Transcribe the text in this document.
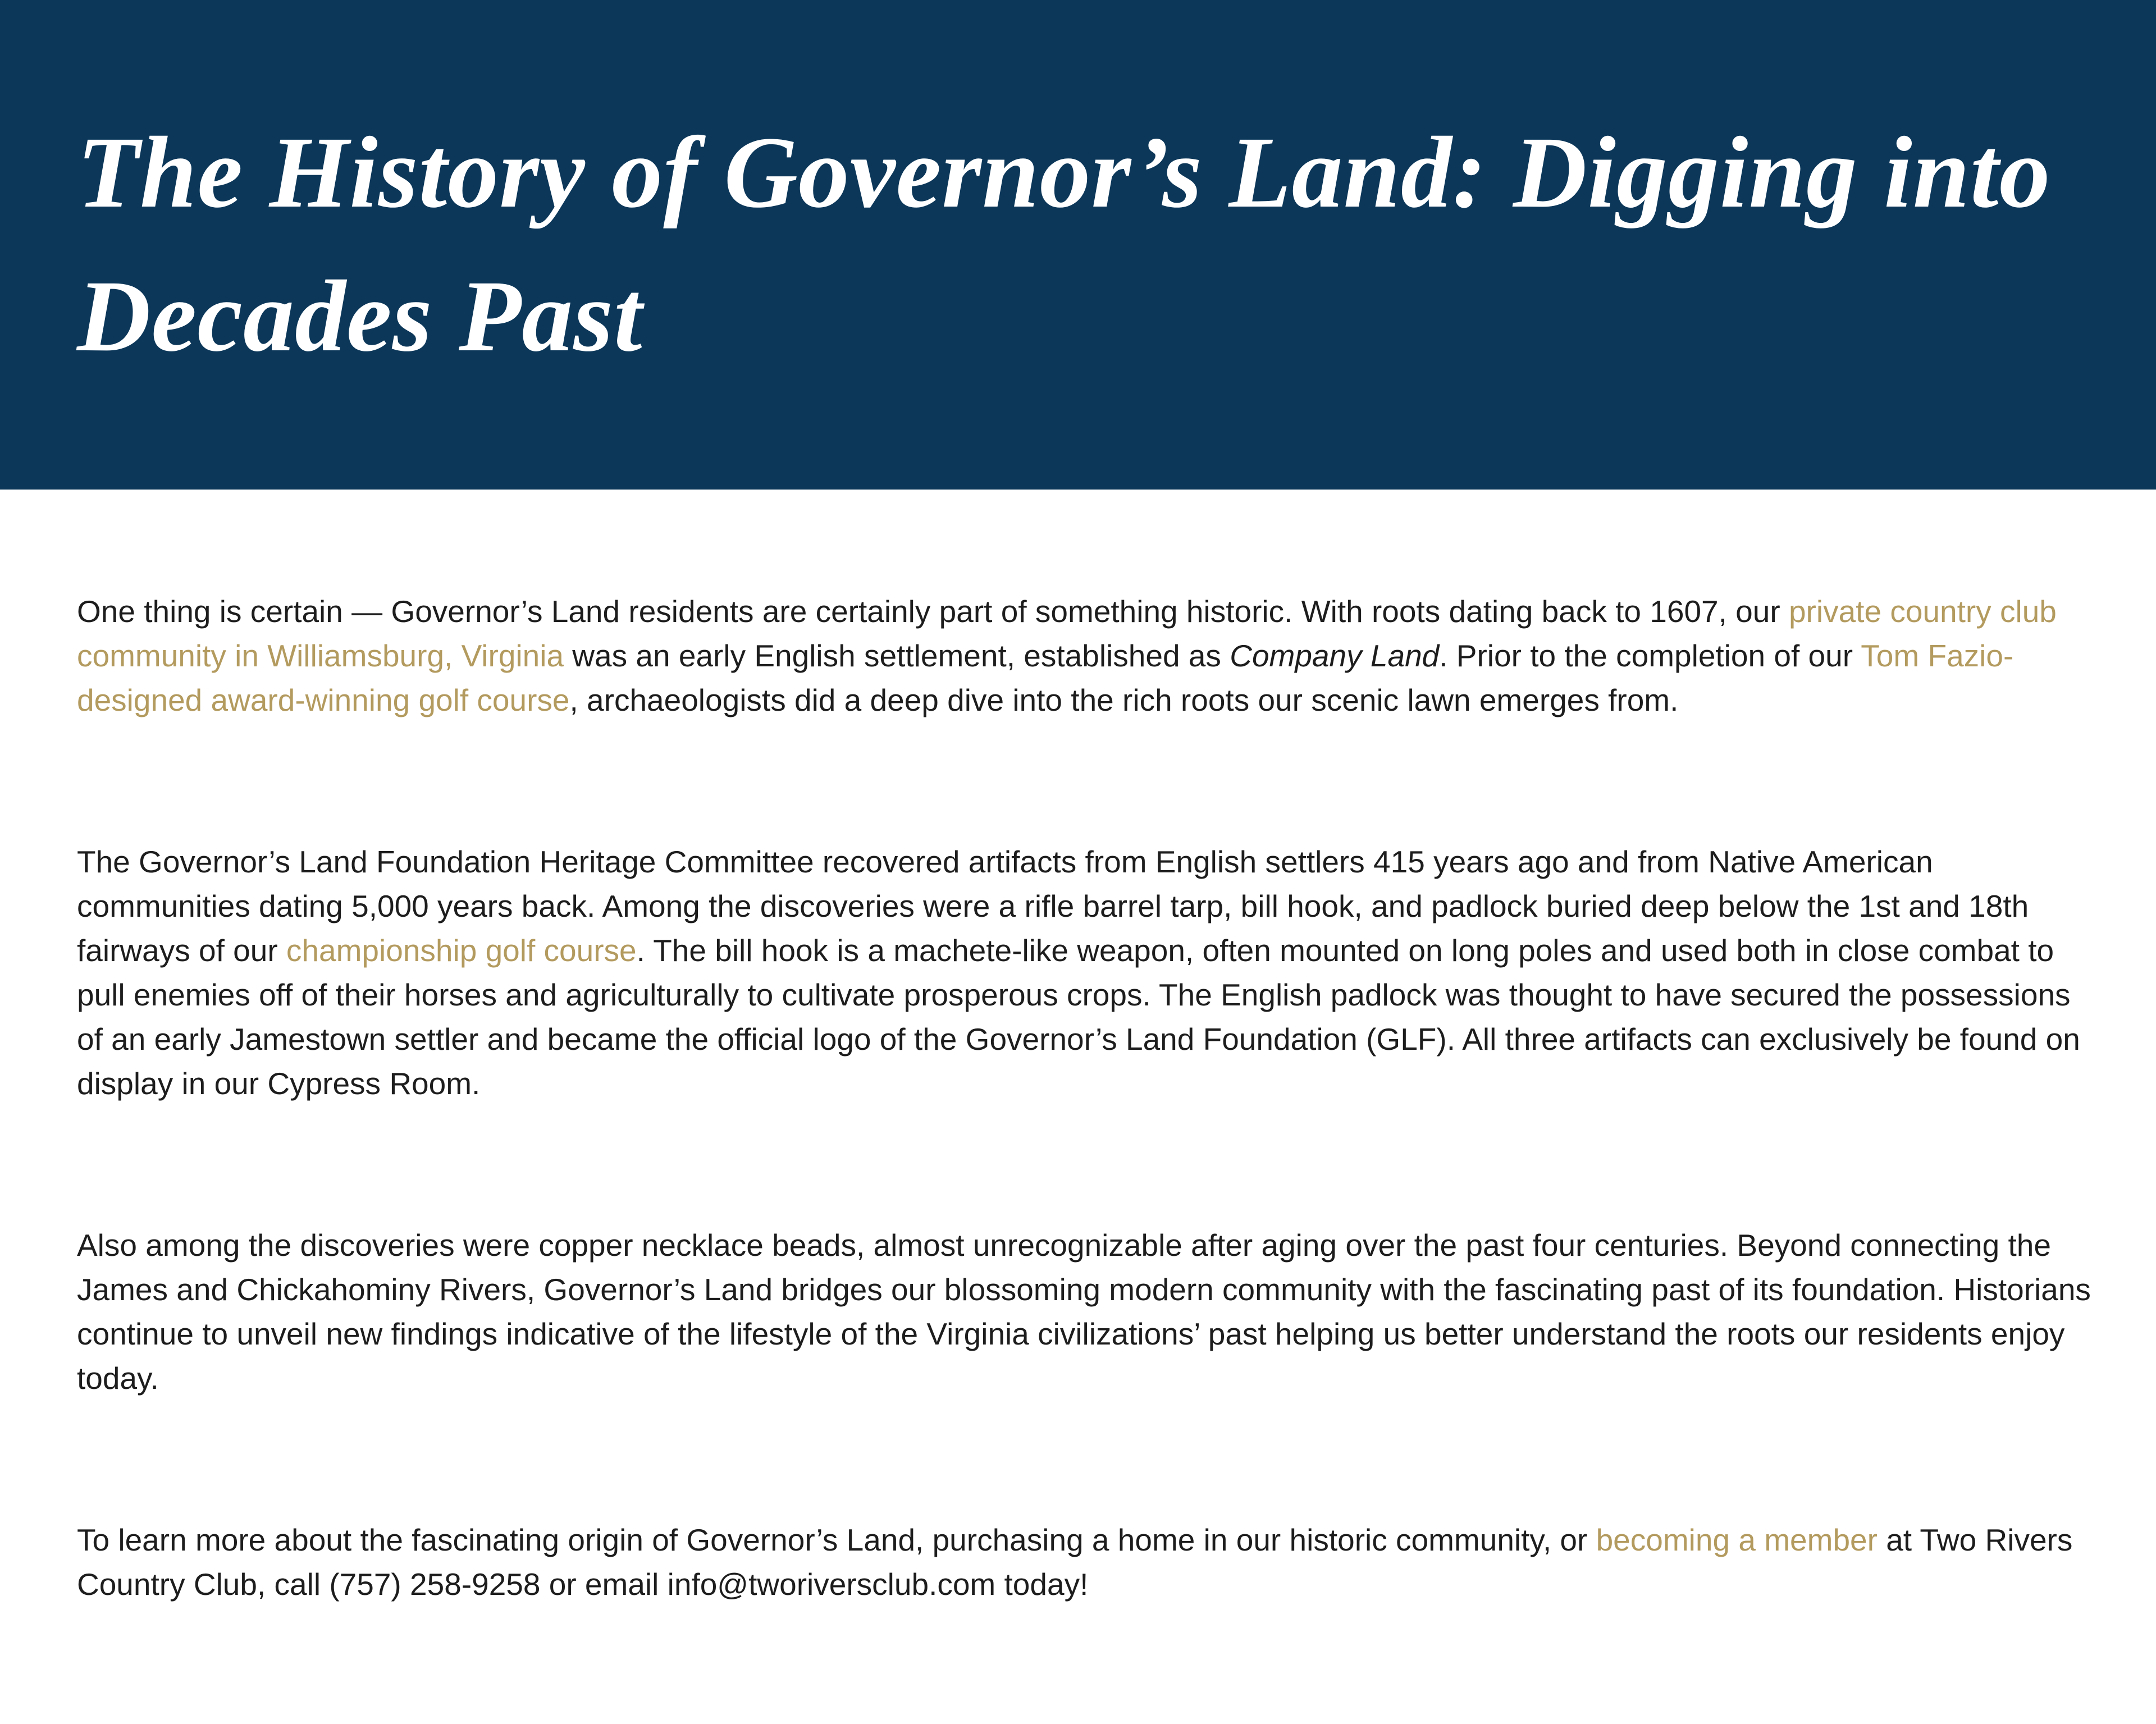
The History of Governor’s Land: Digging into Decades Past

One thing is certain — Governor’s Land residents are certainly part of something historic. With roots dating back to 1607, our private country club community in Williamsburg, Virginia was an early English settlement, established as Company Land. Prior to the completion of our Tom Fazio-designed award-winning golf course, archaeologists did a deep dive into the rich roots our scenic lawn emerges from.

The Governor’s Land Foundation Heritage Committee recovered artifacts from English settlers 415 years ago and from Native American communities dating 5,000 years back. Among the discoveries were a rifle barrel tarp, bill hook, and padlock buried deep below the 1st and 18th fairways of our championship golf course. The bill hook is a machete-like weapon, often mounted on long poles and used both in close combat to pull enemies off of their horses and agriculturally to cultivate prosperous crops. The English padlock was thought to have secured the possessions of an early Jamestown settler and became the official logo of the Governor’s Land Foundation (GLF). All three artifacts can exclusively be found on display in our Cypress Room.

Also among the discoveries were copper necklace beads, almost unrecognizable after aging over the past four centuries. Beyond connecting the James and Chickahominy Rivers, Governor’s Land bridges our blossoming modern community with the fascinating past of its foundation. Historians continue to unveil new findings indicative of the lifestyle of the Virginia civilizations’ past helping us better understand the roots our residents enjoy today.

To learn more about the fascinating origin of Governor’s Land, purchasing a home in our historic community, or becoming a member at Two Rivers Country Club, call (757) 258-9258 or email info@tworiversclub.com today!
